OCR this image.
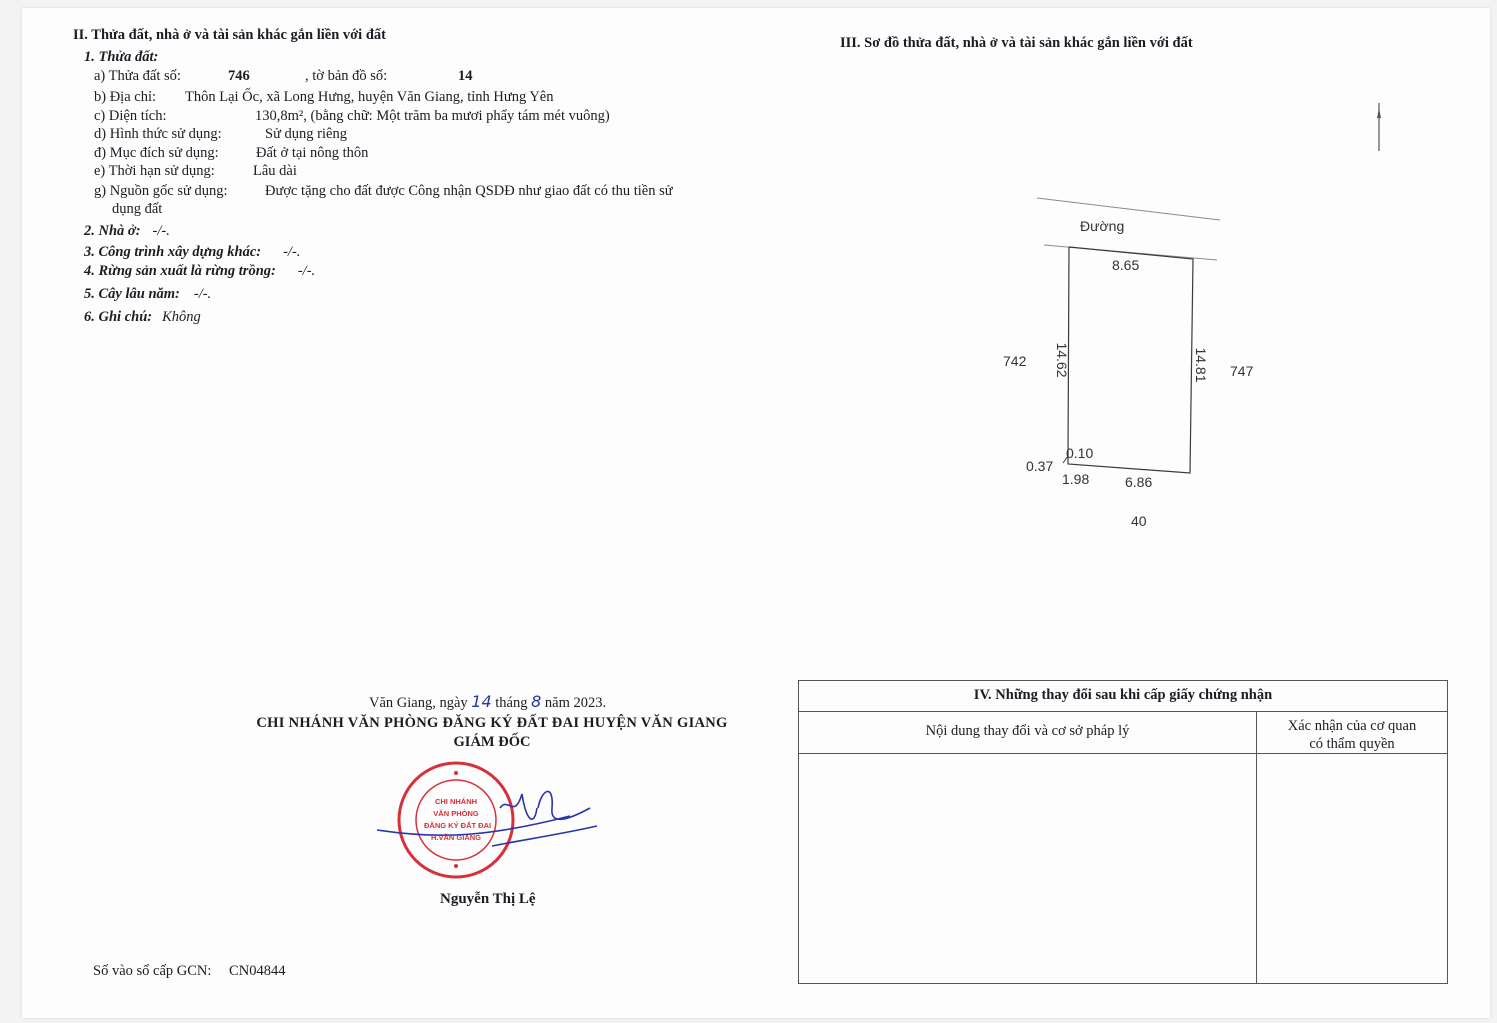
II. Thửa đất, nhà ở và tài sản khác gắn liền với đất
1. Thửa đất:
a) Thửa đất số:	746	, tờ bản đồ số:	14
b) Địa chỉ: Thôn Lại Ốc, xã Long Hưng, huyện Văn Giang, tỉnh Hưng Yên
c) Diện tích:	130,8m², (bằng chữ: Một trăm ba mươi phẩy tám mét vuông)
d) Hình thức sử dụng:	Sử dụng riêng
đ) Mục đích sử dụng:	Đất ở tại nông thôn
e) Thời hạn sử dụng:	Lâu dài
g) Nguồn gốc sử dụng:	Được tặng cho đất được Công nhận QSDĐ như giao đất có thu tiền sử
dụng đất
2. Nhà ở: -/-.
3. Công trình xây dựng khác: -/-.
4. Rừng sản xuất là rừng trồng: -/-.
5. Cây lâu năm: -/-.
6. Ghi chú: Không
III. Sơ đồ thửa đất, nhà ở và tài sản khác gắn liền với đất
Đường
8.65
14.62	14.81
742
747
0.10
0.37
1.98	6.86
40
Văn Giang, ngày 14 tháng 8 năm 2023.
CHI NHÁNH VĂN PHÒNG ĐĂNG KÝ ĐẤT ĐAI HUYỆN VĂN GIANG
GIÁM ĐỐC
CHI NHÁNH
VĂN PHÒNG
ĐĂNG KÝ ĐẤT ĐAI
H.VĂN GIANG
Nguyễn Thị Lệ
Số vào sổ cấp GCN: CN04844
IV. Những thay đổi sau khi cấp giấy chứng nhận
Nội dung thay đổi và cơ sở pháp lý	Xác nhận của cơ quan
có thẩm quyền
